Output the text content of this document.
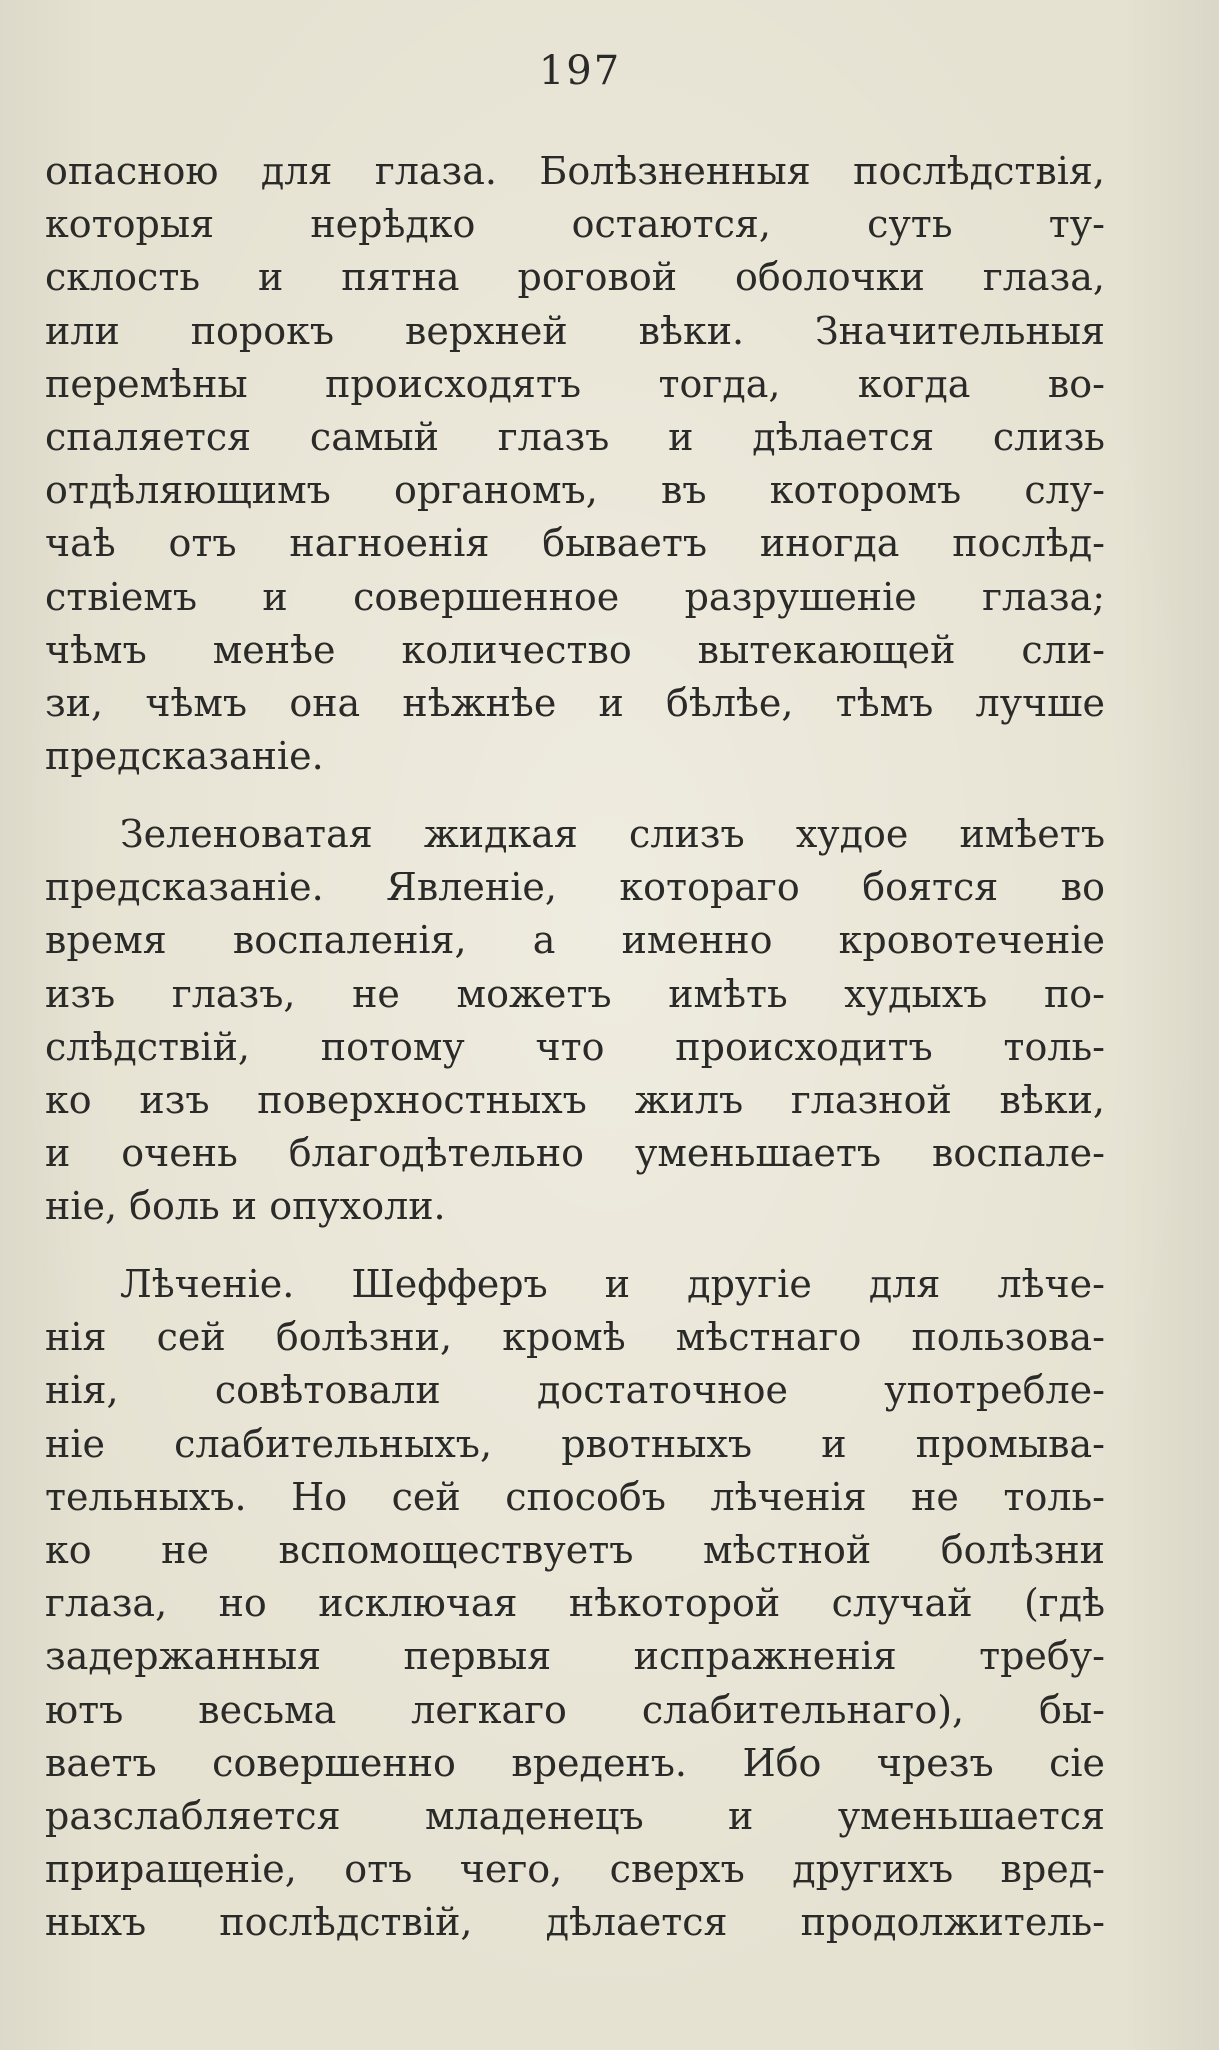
197
опасною для глаза. Болѣзненныя послѣдствія,
которыя нерѣдко остаются, суть ту-
склость и пятна роговой оболочки глаза,
или порокъ верхней вѣки. Значительныя
перемѣны происходятъ тогда, когда во-
спаляется самый глазъ и дѣлается слизь
отдѣляющимъ органомъ, въ которомъ слу-
чаѣ отъ нагноенія бываетъ иногда послѣд-
ствіемъ и совершенное разрушеніе глаза;
чѣмъ менѣе количество вытекающей сли-
зи, чѣмъ она нѣжнѣе и бѣлѣе, тѣмъ лучше
предсказаніе.
Зеленоватая жидкая слизъ худое имѣетъ
предсказаніе. Явленіе, котораго боятся во
время воспаленія, а именно кровотеченіе
изъ глазъ, не можетъ имѣть худыхъ по-
слѣдствій, потому что происходитъ толь-
ко изъ поверхностныхъ жилъ глазной вѣки,
и очень благодѣтельно уменьшаетъ воспале-
ніе, боль и опухоли.
Лѣченіе. Шефферъ и другіе для лѣче-
нія сей болѣзни, кромѣ мѣстнаго пользова-
нія, совѣтовали достаточное употребле-
ніе слабительныхъ, рвотныхъ и промыва-
тельныхъ. Но сей способъ лѣченія не толь-
ко не вспомоществуетъ мѣстной болѣзни
глаза, но исключая нѣкоторой случай (гдѣ
задержанныя первыя испражненія требу-
ютъ весьма легкаго слабительнаго), бы-
ваетъ совершенно вреденъ. Ибо чрезъ сіе
разслабляется младенецъ и уменьшается
приращеніе, отъ чего, сверхъ другихъ вред-
ныхъ послѣдствій, дѣлается продолжитель-
